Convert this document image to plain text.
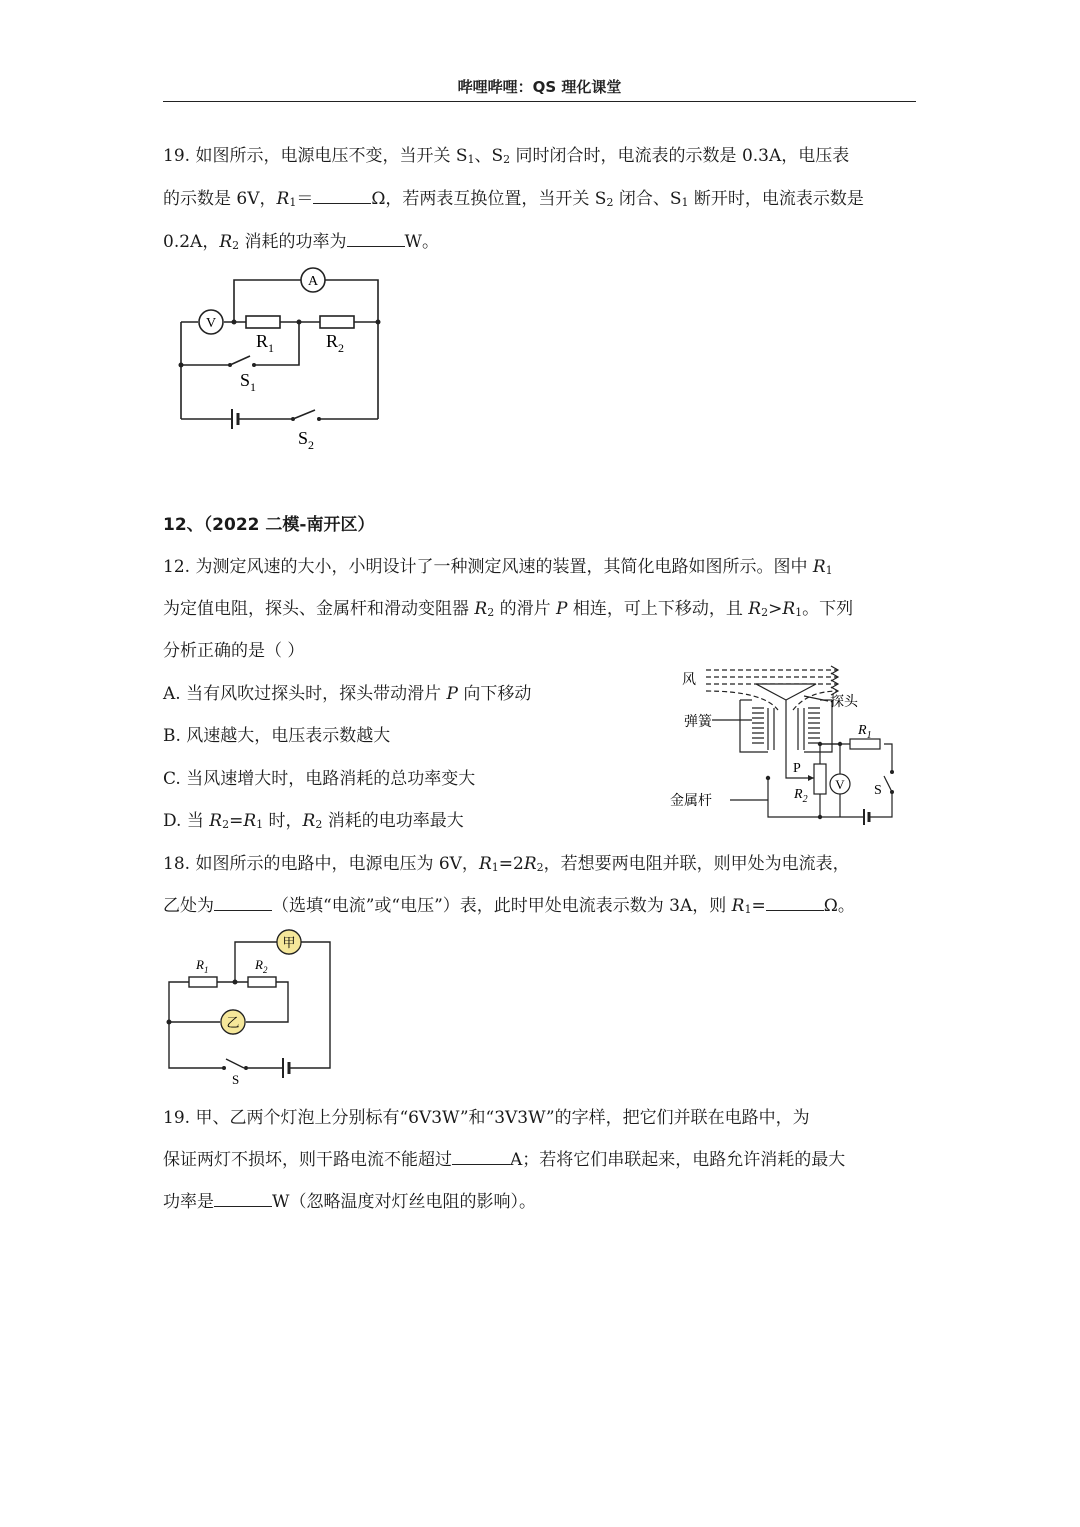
哔哩哔哩：QS 理化课堂

19. 如图所示，电源电压不变，当开关 $S_1$、$S_2$ 同时闭合时，电流表的示数是 0.3A，电压表

的示数是 6V，$R_1=$	Ω，若两表互换位置，当开关 $S_2$ 闭合、$S_1$ 断开时，电流表示数是

0.2A，$R_2$ 消耗的功率为	W。

A
V
$R_1$	$R_2$
$S_1$
$S_2$

12、（2022 二模-南开区）

12. 为测定风速的大小，小明设计了一种测定风速的装置，其简化电路如图所示。图中 $R_1$

为定值电阻，探头、金属杆和滑动变阻器 $R_2$ 的滑片 P 相连，可上下移动，且 $R_2>R_1$。下列

分析正确的是（ ）

A. 当有风吹过探头时，探头带动滑片 P 向下移动

B. 风速越大，电压表示数越大

C. 当风速增大时，电路消耗的总功率变大

D. 当 $R_2=R_1$ 时，$R_2$ 消耗的电功率最大

风
探头
弹簧
金属杆
$R_1$
P
$R_2$
V S

18. 如图所示的电路中，电源电压为 6V，$R_1=2R_2$，若想要两电阻并联，则甲处为电流表，

乙处为	（选填“电流”或“电压”）表，此时甲处电流表示数为 3A，则 $R_1=$	Ω。

甲
乙
$R_1$	$R_2$
S

19. 甲、乙两个灯泡上分别标有“6V3W”和“3V3W”的字样，把它们并联在电路中，为

保证两灯不损坏，则干路电流不能超过	A；若将它们串联起来，电路允许消耗的最大

功率是	W（忽略温度对灯丝电阻的影响）。
